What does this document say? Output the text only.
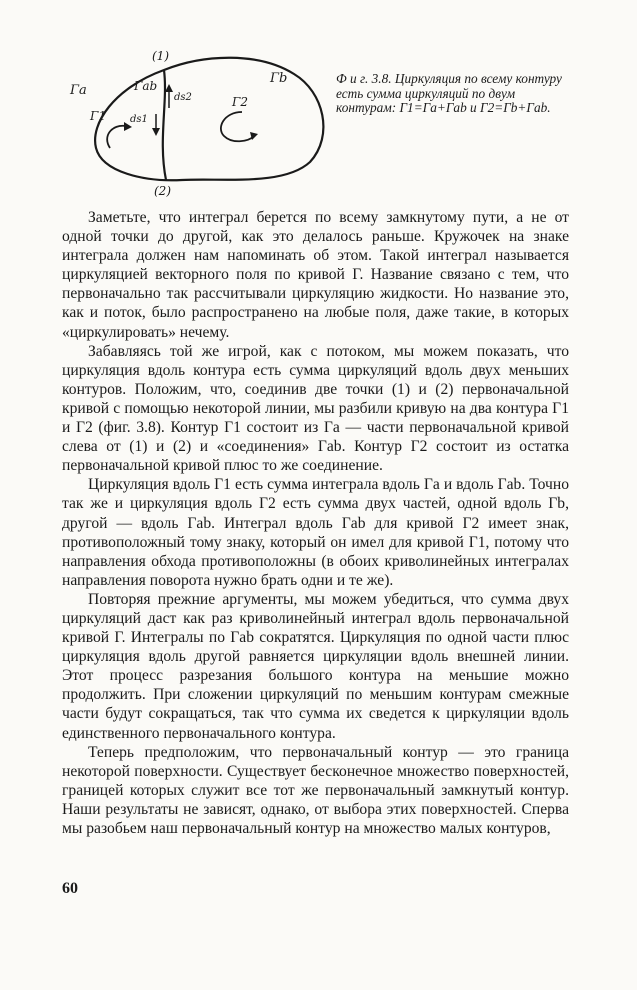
(1)
(2)
Γa
Γb
Γab
Γ1
Γ2
ds1
ds2

Ф и г. 3.8. Циркуляция по всему контуру есть сумма циркуляций по двум контурам: Γ1=Γa+Γab и Γ2=Γb+Γab.

Заметьте, что интеграл берется по всему замкнутому пути, а не от одной точки до другой, как это делалось раньше. Кружочек на знаке интеграла должен нам напоминать об этом. Такой интеграл называется циркуляцией векторного поля по кривой Г. Название связано с тем, что первоначально так рассчитывали циркуляцию жидкости. Но название это, как и поток, было распространено на любые поля, даже такие, в которых «циркулировать» нечему.

Забавляясь той же игрой, как с потоком, мы можем показать, что циркуляция вдоль контура есть сумма циркуляций вдоль двух меньших контуров. Положим, что, соединив две точки (1) и (2) первоначальной кривой с помощью некоторой линии, мы разбили кривую на два контура Γ1 и Γ2 (фиг. 3.8). Контур Γ1 состоит из Γa — части первоначальной кривой слева от (1) и (2) и «соединения» Γab. Контур Γ2 состоит из остатка первоначальной кривой плюс то же соединение.

Циркуляция вдоль Γ1 есть сумма интеграла вдоль Γa и вдоль Γab. Точно так же и циркуляция вдоль Γ2 есть сумма двух частей, одной вдоль Γb, другой — вдоль Γab. Интеграл вдоль Γab для кривой Γ2 имеет знак, противоположный тому знаку, который он имел для кривой Γ1, потому что направления обхода противоположны (в обоих криволинейных интегралах направления поворота нужно брать одни и те же).

Повторяя прежние аргументы, мы можем убедиться, что сумма двух циркуляций даст как раз криволинейный интеграл вдоль первоначальной кривой Г. Интегралы по Γab сократятся. Циркуляция по одной части плюс циркуляция вдоль другой равняется циркуляции вдоль внешней линии. Этот процесс разрезания большого контура на меньшие можно продолжить. При сложении циркуляций по меньшим контурам смежные части будут сокращаться, так что сумма их сведется к циркуляции вдоль единственного первоначального контура.

Теперь предположим, что первоначальный контур — это граница некоторой поверхности. Существует бесконечное множество поверхностей, границей которых служит все тот же первоначальный замкнутый контур. Наши результаты не зависят, однако, от выбора этих поверхностей. Сперва мы разобьем наш первоначальный контур на множество малых контуров,

60
